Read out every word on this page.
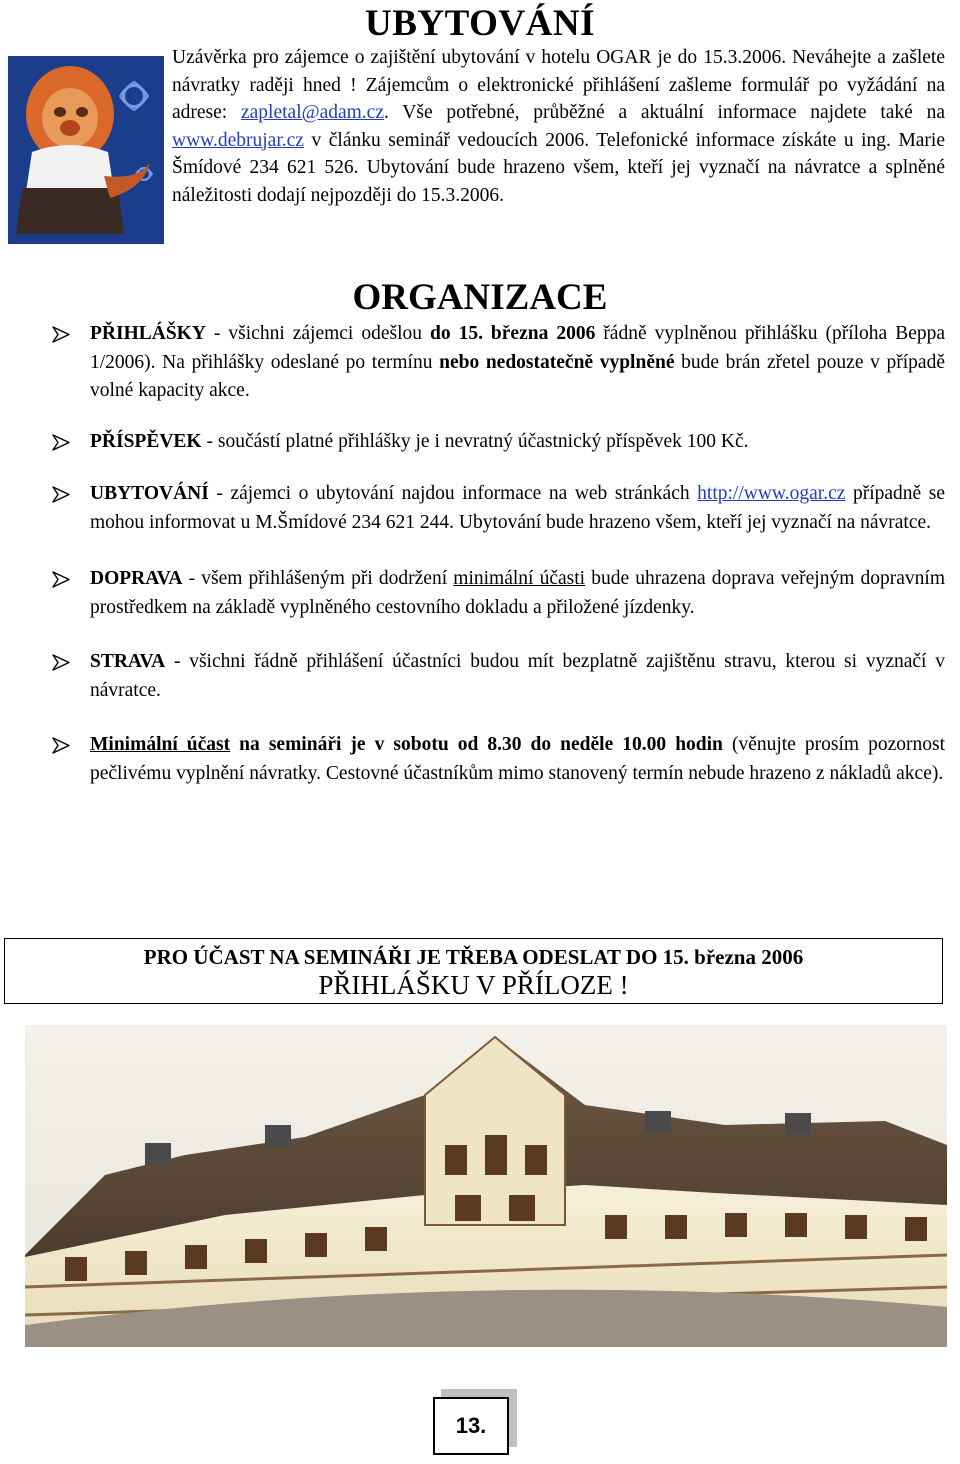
UBYTOVÁNÍ

Uzávěrka pro zájemce o zajištění ubytování v hotelu OGAR je do 15.3.2006. Neváhejte a zašlete návratky raději hned ! Zájemcům o elektronické přihlášení zašleme formulář po vyžádání na adrese: zapletal@adam.cz. Vše potřebné, průběžné a aktuální informace najdete také na www.debrujar.cz v článku seminář vedoucích 2006. Telefonické informace získáte u ing. Marie Šmídové 234 621 526. Ubytování bude hrazeno všem, kteří jej vyznačí na návratce a splněné náležitosti dodají nejpozději do 15.3.2006.

ORGANIZACE
PŘIHLÁŠKY - všichni zájemci odešlou do 15. března 2006 řádně vyplněnou přihlášku (příloha Beppa 1/2006). Na přihlášky odeslané po termínu nebo nedostatečně vyplněné bude brán zřetel pouze v případě volné kapacity akce.
PŘÍSPĚVEK - součástí platné přihlášky je i nevratný účastnický příspěvek 100 Kč.
UBYTOVÁNÍ - zájemci o ubytování najdou informace na web stránkách http://www.ogar.cz případně se mohou informovat u M.Šmídové 234 621 244. Ubytování bude hrazeno všem, kteří jej vyznačí na návratce.
DOPRAVA - všem přihlášeným při dodržení minimální účasti bude uhrazena doprava veřejným dopravním prostředkem na základě vyplněného cestovního dokladu a přiložené jízdenky.
STRAVA - všichni řádně přihlášení účastníci budou mít bezplatně zajištěnu stravu, kterou si vyznačí v návratce.
Minimální účast na semináři je v sobotu od 8.30 do neděle 10.00 hodin (věnujte prosím pozornost pečlivému vyplnění návratky. Cestovné účastníkům mimo stanovený termín nebude hrazeno z nákladů akce).
PRO ÚČAST NA SEMINÁŘI JE TŘEBA ODESLAT DO 15. března 2006
PŘIHLÁŠKU V PŘÍLOZE !
13.
